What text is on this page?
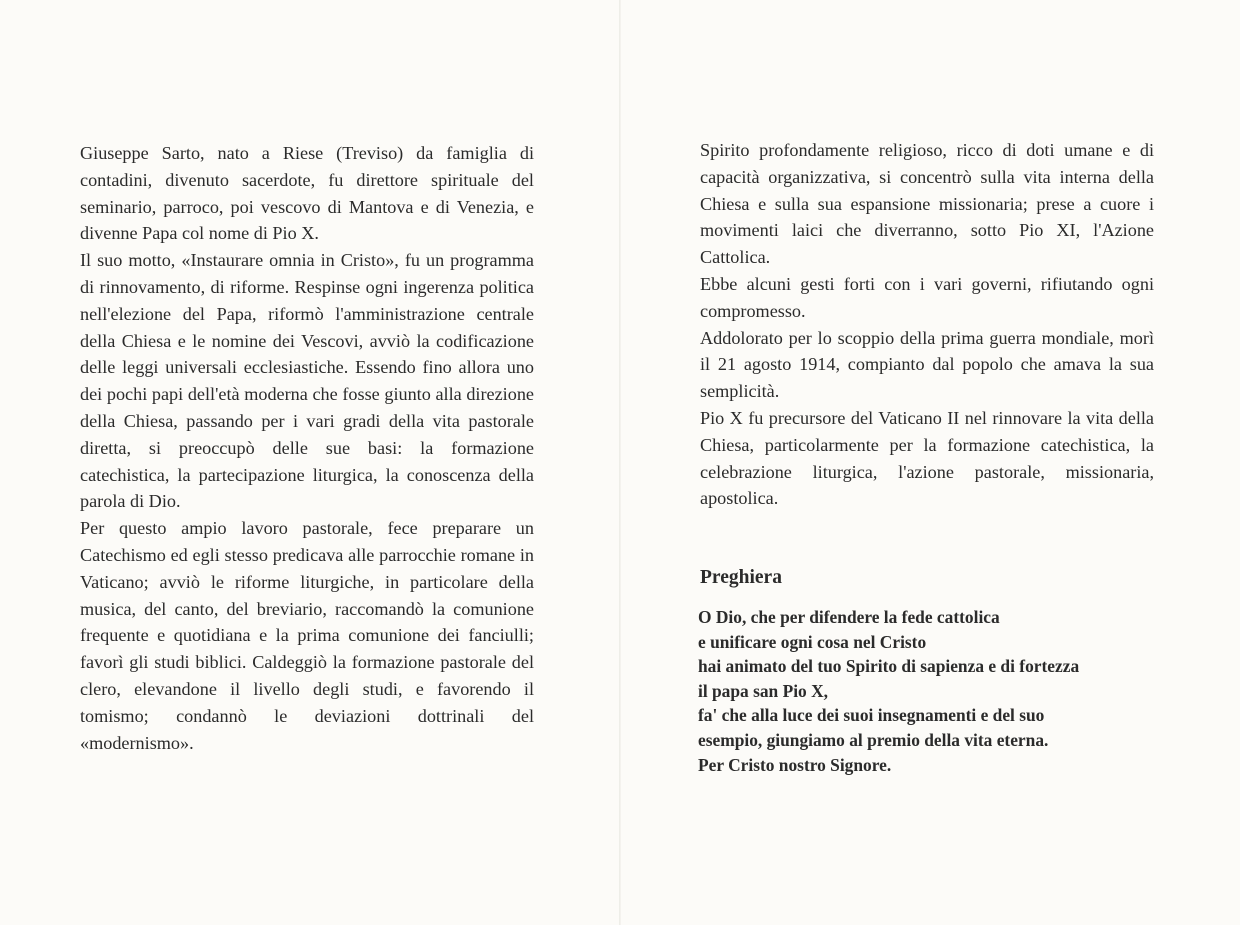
Giuseppe Sarto, nato a Riese (Treviso) da famiglia di contadini, divenuto sacerdote, fu direttore spirituale del seminario, parroco, poi vescovo di Mantova e di Venezia, e divenne Papa col nome di Pio X.

Il suo motto, «Instaurare omnia in Cristo», fu un programma di rinnovamento, di riforme. Respinse ogni ingerenza politica nell'elezione del Papa, riformò l'amministrazione centrale della Chiesa e le nomine dei Vescovi, avviò la codificazione delle leggi universali ecclesiastiche. Essendo fino allora uno dei pochi papi dell'età moderna che fosse giunto alla direzione della Chiesa, passando per i vari gradi della vita pastorale diretta, si preoccupò delle sue basi: la formazione catechistica, la partecipazione liturgica, la conoscenza della parola di Dio.

Per questo ampio lavoro pastorale, fece preparare un Catechismo ed egli stesso predicava alle parrocchie romane in Vaticano; avviò le riforme liturgiche, in particolare della musica, del canto, del breviario, raccomandò la comunione frequente e quotidiana e la prima comunione dei fanciulli; favorì gli studi biblici. Caldeggiò la formazione pastorale del clero, elevandone il livello degli studi, e favorendo il tomismo; condannò le deviazioni dottrinali del «modernismo».

Spirito profondamente religioso, ricco di doti umane e di capacità organizzativa, si concentrò sulla vita interna della Chiesa e sulla sua espansione missionaria; prese a cuore i movimenti laici che diverranno, sotto Pio XI, l'Azione Cattolica.

Ebbe alcuni gesti forti con i vari governi, rifiutando ogni compromesso.

Addolorato per lo scoppio della prima guerra mondiale, morì il 21 agosto 1914, compianto dal popolo che amava la sua semplicità.

Pio X fu precursore del Vaticano II nel rinnovare la vita della Chiesa, particolarmente per la formazione catechistica, la celebrazione liturgica, l'azione pastorale, missionaria, apostolica.

Preghiera
O Dio, che per difendere la fede cattolica
e unificare ogni cosa nel Cristo
hai animato del tuo Spirito di sapienza e di fortezza
il papa san Pio X,
fa' che alla luce dei suoi insegnamenti e del suo
esempio, giungiamo al premio della vita eterna.
Per Cristo nostro Signore.
